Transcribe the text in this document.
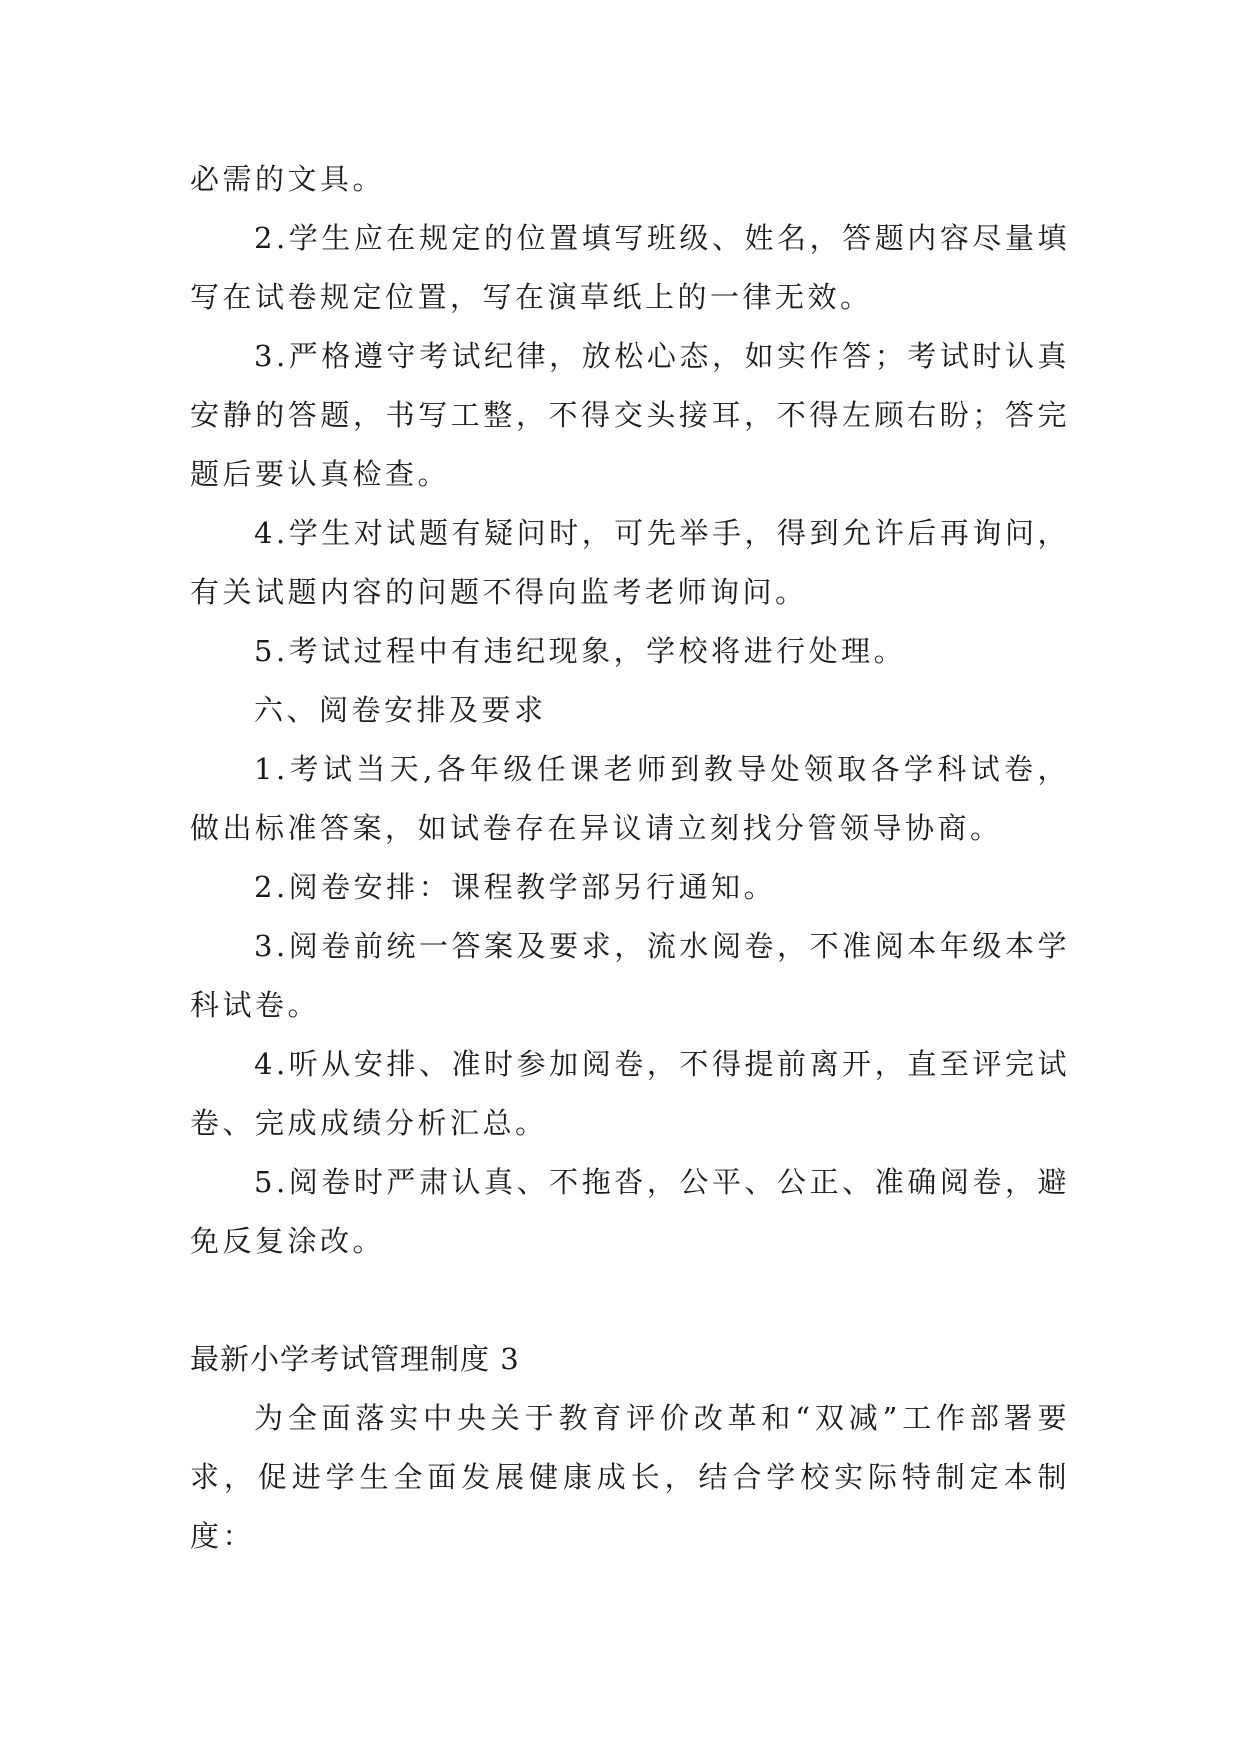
必需的文具。

2.学生应在规定的位置填写班级、姓名，答题内容尽量填写在试卷规定位置，写在演草纸上的一律无效。

3.严格遵守考试纪律，放松心态，如实作答；考试时认真安静的答题，书写工整，不得交头接耳，不得左顾右盼；答完题后要认真检查。

4.学生对试题有疑问时，可先举手，得到允许后再询问，有关试题内容的问题不得向监考老师询问。

5.考试过程中有违纪现象，学校将进行处理。

六、阅卷安排及要求

1.考试当天,各年级任课老师到教导处领取各学科试卷，做出标准答案，如试卷存在异议请立刻找分管领导协商。

2.阅卷安排：课程教学部另行通知。

3.阅卷前统一答案及要求，流水阅卷，不准阅本年级本学科试卷。

4.听从安排、准时参加阅卷，不得提前离开，直至评完试卷、完成成绩分析汇总。

5.阅卷时严肃认真、不拖沓，公平、公正、准确阅卷，避免反复涂改。

最新小学考试管理制度 3

为全面落实中央关于教育评价改革和“双减”工作部署要求，促进学生全面发展健康成长，结合学校实际特制定本制度：
